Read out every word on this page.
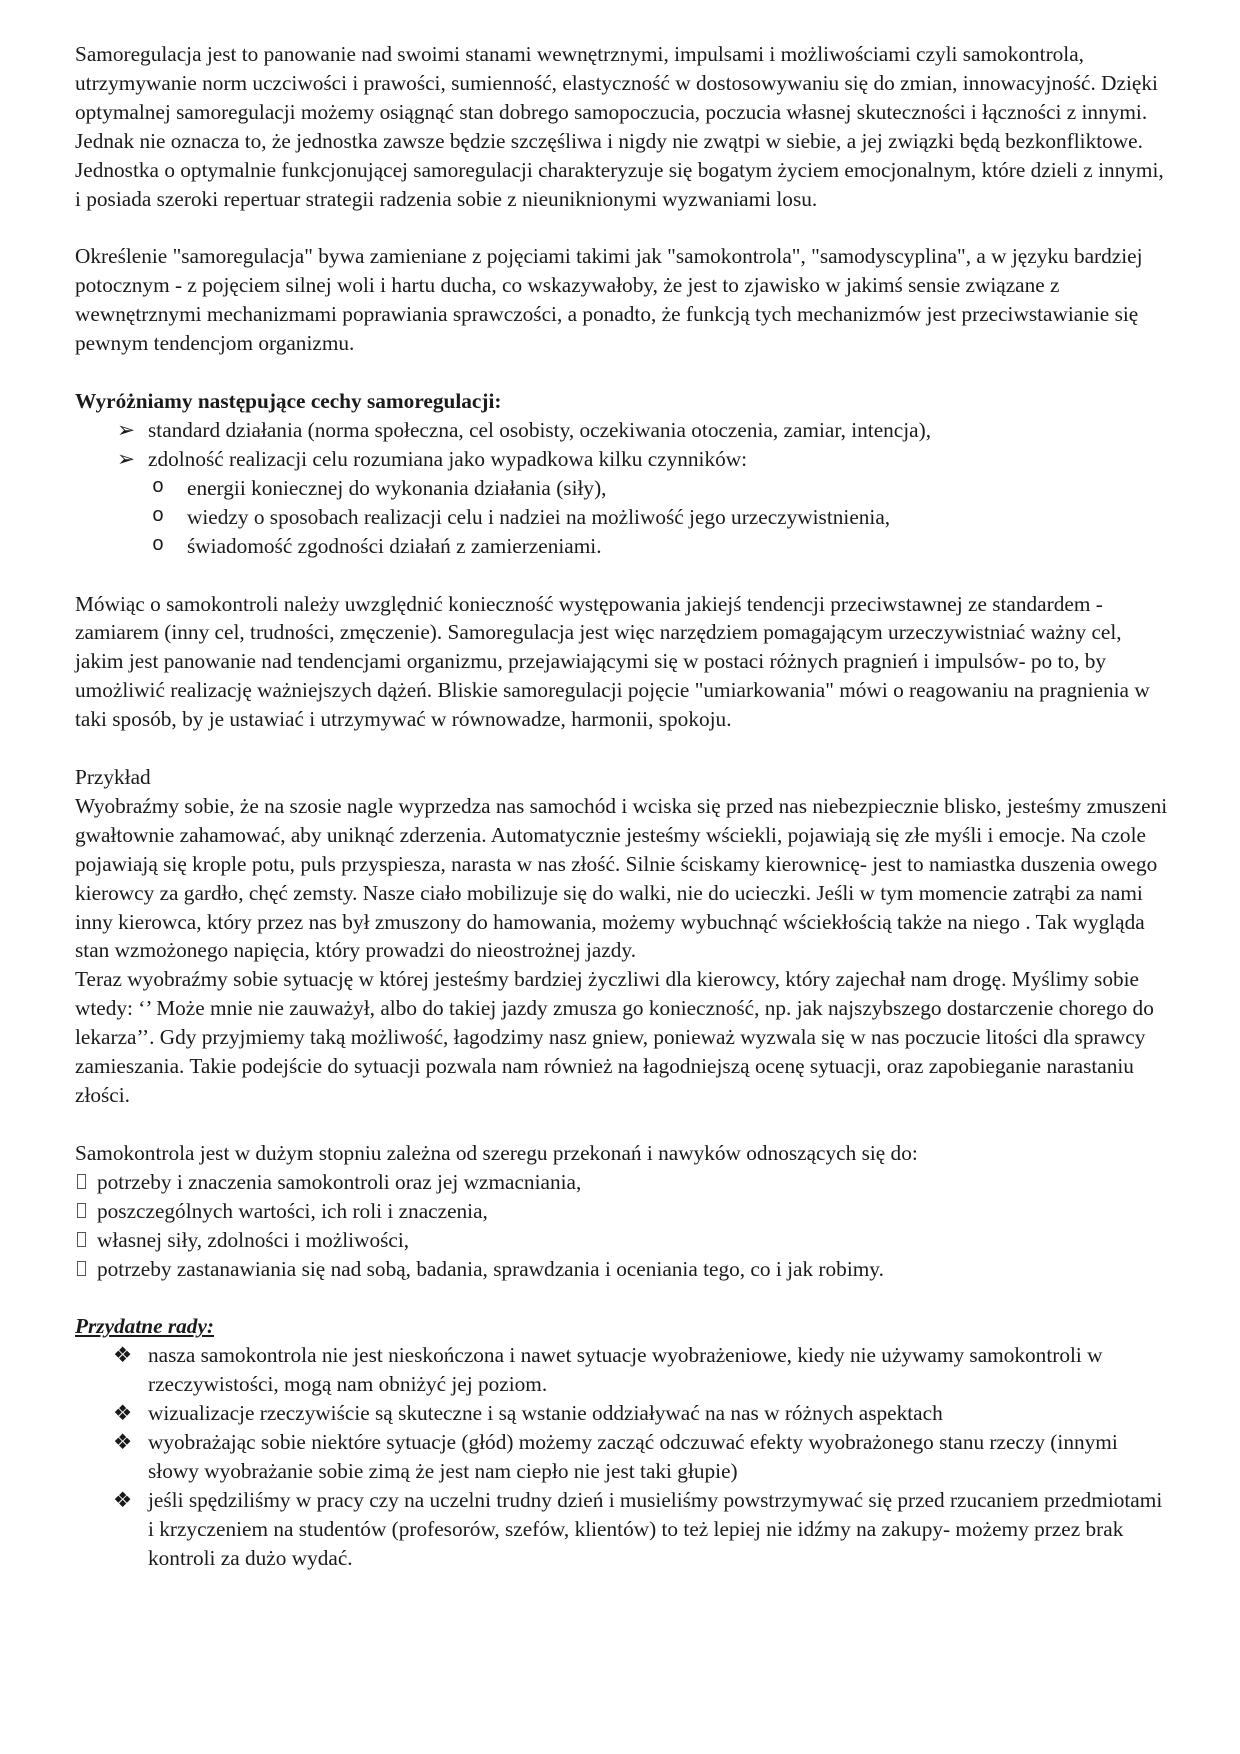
Samoregulacja jest to panowanie nad swoimi stanami wewnętrznymi, impulsami i możliwościami czyli samokontrola, utrzymywanie norm uczciwości i prawości, sumienność, elastyczność w dostosowywaniu się do zmian, innowacyjność. Dzięki optymalnej samoregulacji możemy osiągnąć stan dobrego samopoczucia, poczucia własnej skuteczności i łączności z innymi. Jednak nie oznacza to, że jednostka zawsze będzie szczęśliwa i nigdy nie zwątpi w siebie, a jej związki będą bezkonfliktowe. Jednostka o optymalnie funkcjonującej samoregulacji charakteryzuje się bogatym życiem emocjonalnym, które dzieli z innymi, i posiada szeroki repertuar strategii radzenia sobie z nieuniknionymi wyzwaniami losu.

Określenie "samoregulacja" bywa zamieniane z pojęciami takimi jak "samokontrola", "samodyscyplina", a w języku bardziej potocznym - z pojęciem silnej woli i hartu ducha, co wskazywałoby, że jest to zjawisko w jakimś sensie związane z wewnętrznymi mechanizmami poprawiania sprawczości, a ponadto, że funkcją tych mechanizmów jest przeciwstawianie się pewnym tendencjom organizmu.

Wyróżniamy następujące cechy samoregulacji:

➢ standard działania (norma społeczna, cel osobisty, oczekiwania otoczenia, zamiar, intencja),
➢ zdolność realizacji celu rozumiana jako wypadkowa kilku czynników:
o energii koniecznej do wykonania działania (siły),
o wiedzy o sposobach realizacji celu i nadziei na możliwość jego urzeczywistnienia,
o świadomość zgodności działań z zamierzeniami.

Mówiąc o samokontroli należy uwzględnić konieczność występowania jakiejś tendencji przeciwstawnej ze standardem - zamiarem (inny cel, trudności, zmęczenie). Samoregulacja jest więc narzędziem pomagającym urzeczywistniać ważny cel, jakim jest panowanie nad tendencjami organizmu, przejawiającymi się w postaci różnych pragnień i impulsów- po to, by umożliwić realizację ważniejszych dążeń. Bliskie samoregulacji pojęcie "umiarkowania" mówi o reagowaniu na pragnienia w taki sposób, by je ustawiać i utrzymywać w równowadze, harmonii, spokoju.

Przykład

Wyobraźmy sobie, że na szosie nagle wyprzedza nas samochód i wciska się przed nas niebezpiecznie blisko, jesteśmy zmuszeni gwałtownie zahamować, aby uniknąć zderzenia. Automatycznie jesteśmy wściekli, pojawiają się złe myśli i emocje. Na czole pojawiają się krople potu, puls przyspiesza, narasta w nas złość. Silnie ściskamy kierownicę- jest to namiastka duszenia owego kierowcy za gardło, chęć zemsty. Nasze ciało mobilizuje się do walki, nie do ucieczki. Jeśli w tym momencie zatrąbi za nami inny kierowca, który przez nas był zmuszony do hamowania, możemy wybuchnąć wściekłością także na niego . Tak wygląda stan wzmożonego napięcia, który prowadzi do nieostrożnej jazdy.

Teraz wyobraźmy sobie sytuację w której jesteśmy bardziej życzliwi dla kierowcy, który zajechał nam drogę. Myślimy sobie wtedy: ‘’ Może mnie nie zauważył, albo do takiej jazdy zmusza go konieczność, np. jak najszybszego dostarczenie chorego do lekarza’’. Gdy przyjmiemy taką możliwość, łagodzimy nasz gniew, ponieważ wyzwala się w nas poczucie litości dla sprawcy zamieszania. Takie podejście do sytuacji pozwala nam również na łagodniejszą ocenę sytuacji, oraz zapobieganie narastaniu złości.

Samokontrola jest w dużym stopniu zależna od szeregu przekonań i nawyków odnoszących się do:

potrzeby i znaczenia samokontroli oraz jej wzmacniania,
poszczególnych wartości, ich roli i znaczenia,
własnej siły, zdolności i możliwości,
potrzeby zastanawiania się nad sobą, badania, sprawdzania i oceniania tego, co i jak robimy.

Przydatne rady:

❖ nasza samokontrola nie jest nieskończona i nawet sytuacje wyobrażeniowe, kiedy nie używamy samokontroli w rzeczywistości, mogą nam obniżyć jej poziom.
❖ wizualizacje rzeczywiście są skuteczne i są wstanie oddziaływać na nas w różnych aspektach
❖ wyobrażając sobie niektóre sytuacje (głód) możemy zacząć odczuwać efekty wyobrażonego stanu rzeczy (innymi słowy wyobrażanie sobie zimą że jest nam ciepło nie jest taki głupie)
❖ jeśli spędziliśmy w pracy czy na uczelni trudny dzień i musieliśmy powstrzymywać się przed rzucaniem przedmiotami i krzyczeniem na studentów (profesorów, szefów, klientów) to też lepiej nie idźmy na zakupy- możemy przez brak kontroli za dużo wydać.
